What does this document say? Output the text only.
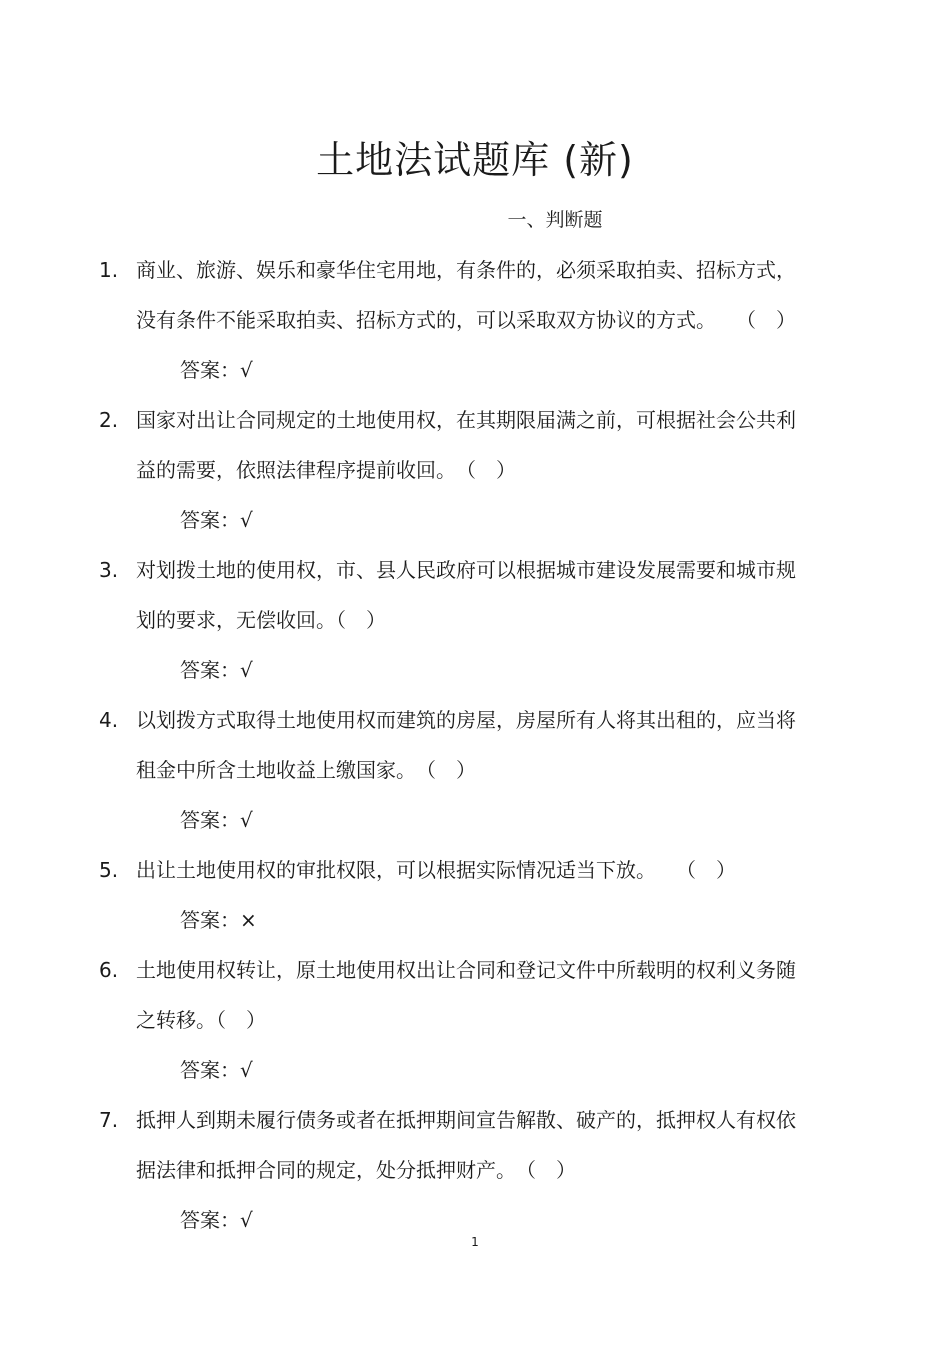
土地法试题库 (新)
一、判断题
1. 商业、旅游、娱乐和豪华住宅用地，有条件的，必须采取拍卖、招标方式，
没有条件不能采取拍卖、招标方式的，可以采取双方协议的方式。　　（　）
答案：√
2. 国家对出让合同规定的土地使用权，在其期限届满之前，可根据社会公共利
益的需要，依照法律程序提前收回。　（　）
答案：√
3. 对划拨土地的使用权，市、县人民政府可以根据城市建设发展需要和城市规
划的要求，无偿收回。（　）
答案：√
4. 以划拨方式取得土地使用权而建筑的房屋，房屋所有人将其出租的，应当将
租金中所含土地收益上缴国家。　（　）
答案：√
5. 出让土地使用权的审批权限，可以根据实际情况适当下放。　　（　）
答案：×
6. 土地使用权转让，原土地使用权出让合同和登记文件中所载明的权利义务随
之转移。（　）
答案：√
7. 抵押人到期未履行债务或者在抵押期间宣告解散、破产的，抵押权人有权依
据法律和抵押合同的规定，处分抵押财产。　（　）
答案：√
1
